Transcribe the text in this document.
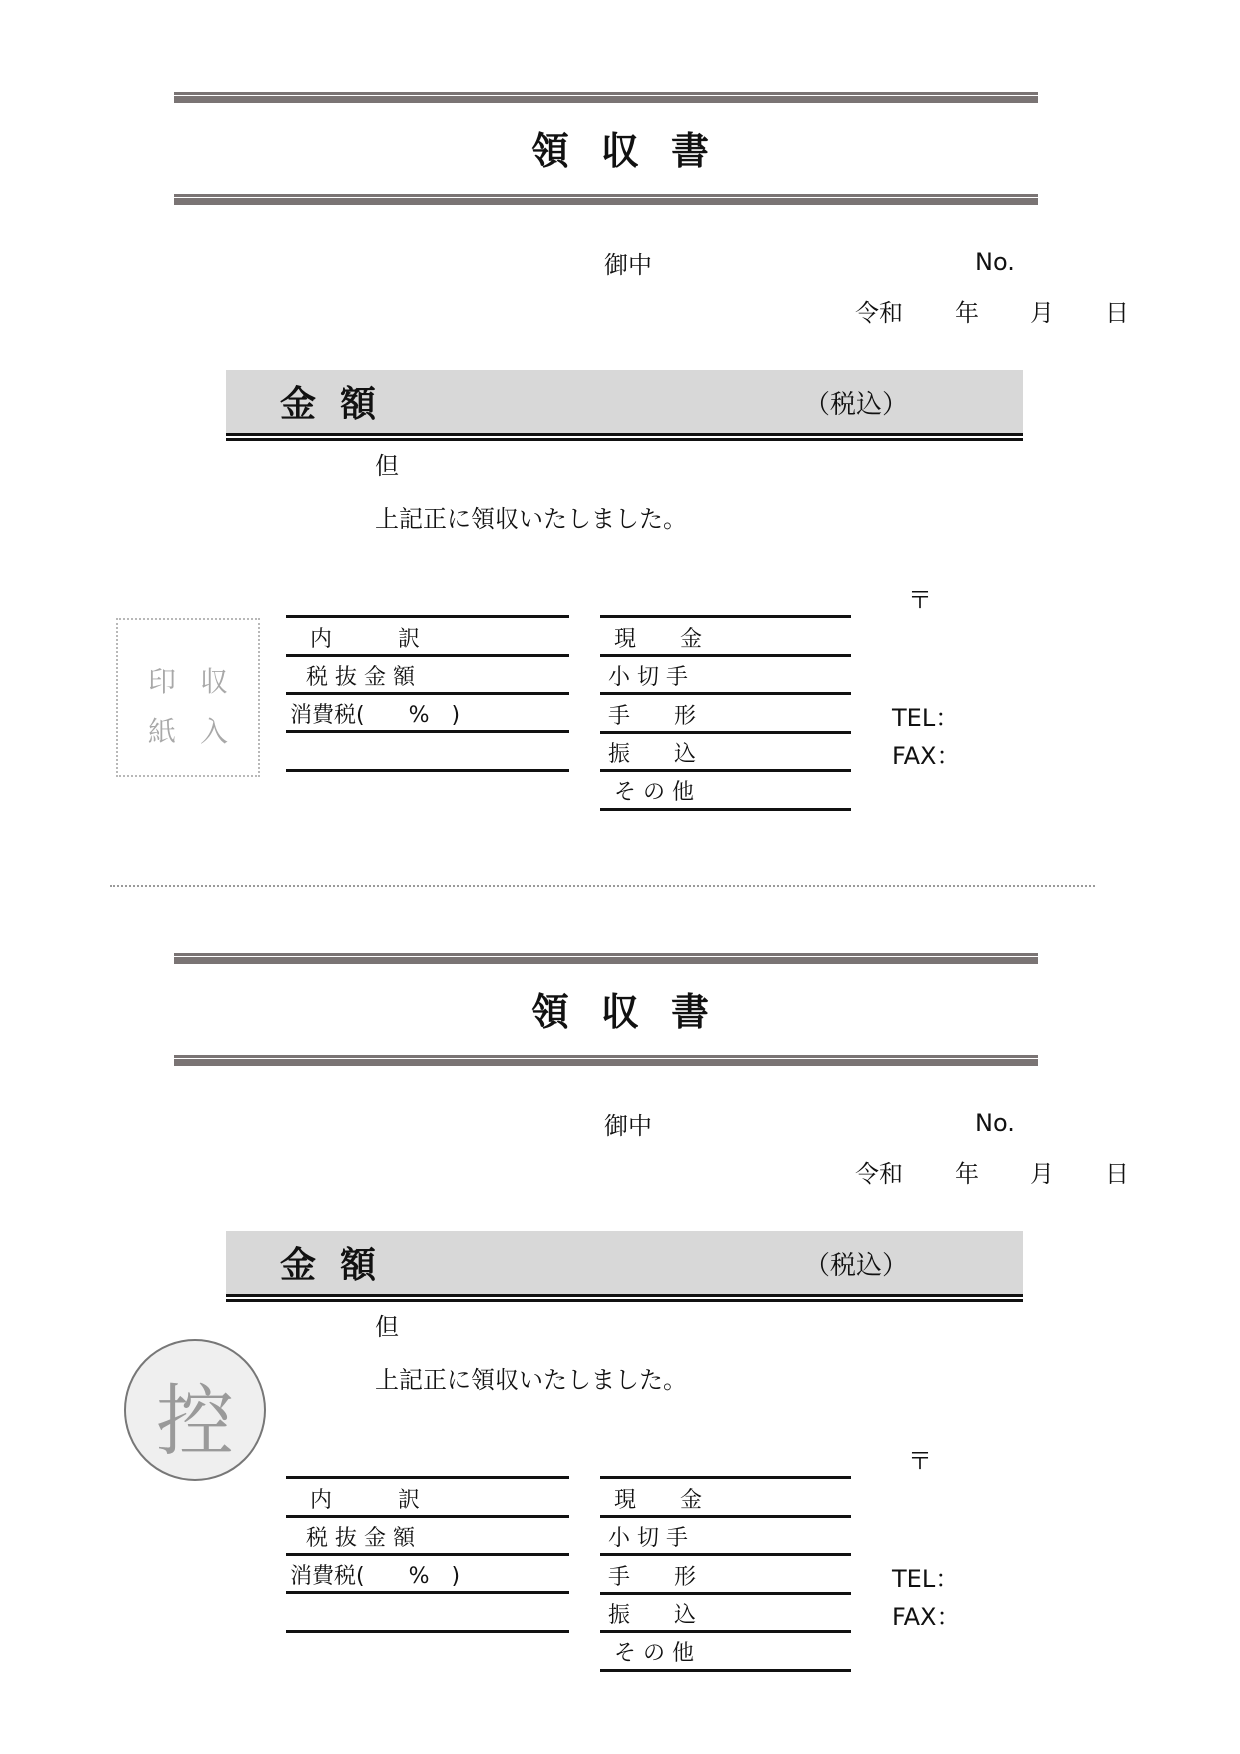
領収書
御中	No.
令和 年 月 日
金額	（税込）
但
上記正に領収いたしました。
〒
TEL：
FAX：
収
入
印
紙
内　　　訳
税 抜 金 額
消費税(　　%　)
現　　金
小 切 手
手　　形
振　　込
そ の 他
領収書
御中	No.
令和 年 月 日
金額	（税込）
但
上記正に領収いたしました。
〒
TEL：
FAX：
内　　　訳
税 抜 金 額
消費税(　　%　)
現　　金
小 切 手
手　　形
振　　込
そ の 他
控
